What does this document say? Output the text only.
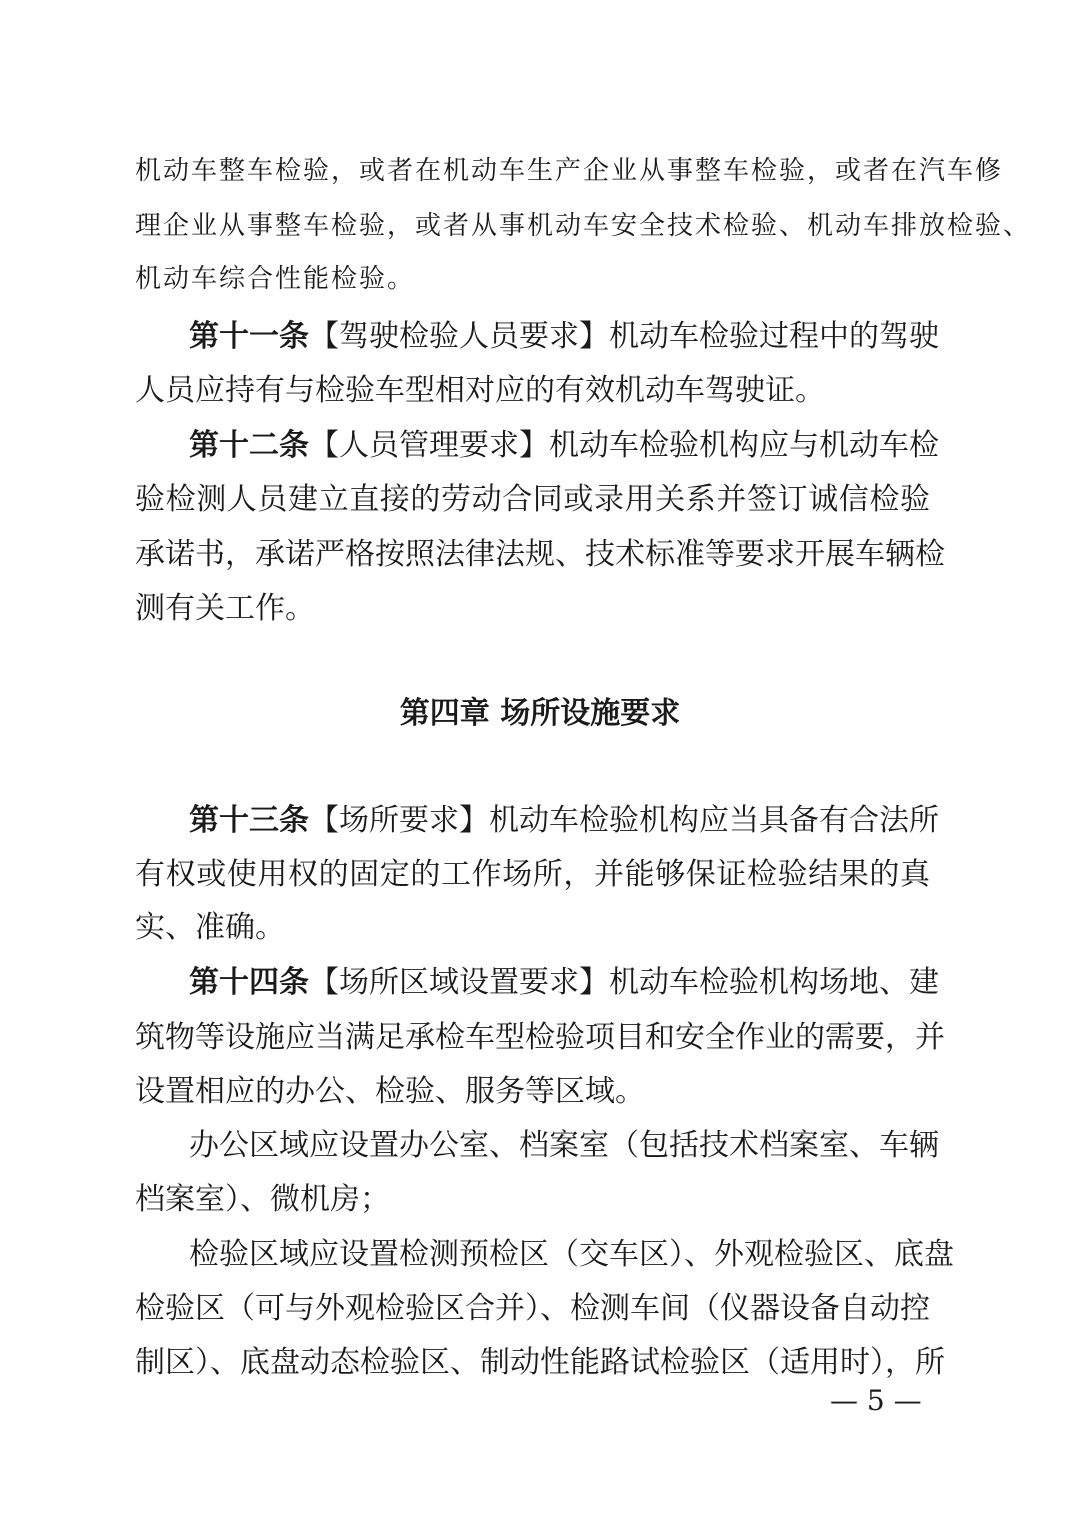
机动车整车检验，或者在机动车生产企业从事整车检验，或者在汽车修
理企业从事整车检验，或者从事机动车安全技术检验、机动车排放检验、
机动车综合性能检验。
第十一条【驾驶检验人员要求】机动车检验过程中的驾驶
人员应持有与检验车型相对应的有效机动车驾驶证。
第十二条【人员管理要求】机动车检验机构应与机动车检
验检测人员建立直接的劳动合同或录用关系并签订诚信检验
承诺书，承诺严格按照法律法规、技术标准等要求开展车辆检
测有关工作。
第四章 场所设施要求
第十三条【场所要求】机动车检验机构应当具备有合法所
有权或使用权的固定的工作场所，并能够保证检验结果的真
实、准确。
第十四条【场所区域设置要求】机动车检验机构场地、建
筑物等设施应当满足承检车型检验项目和安全作业的需要，并
设置相应的办公、检验、服务等区域。
办公区域应设置办公室、档案室（包括技术档案室、车辆
档案室）、微机房；
检验区域应设置检测预检区（交车区）、外观检验区、底盘
检验区（可与外观检验区合并）、检测车间（仪器设备自动控
制区）、底盘动态检验区、制动性能路试检验区（适用时），所
— 5 —
